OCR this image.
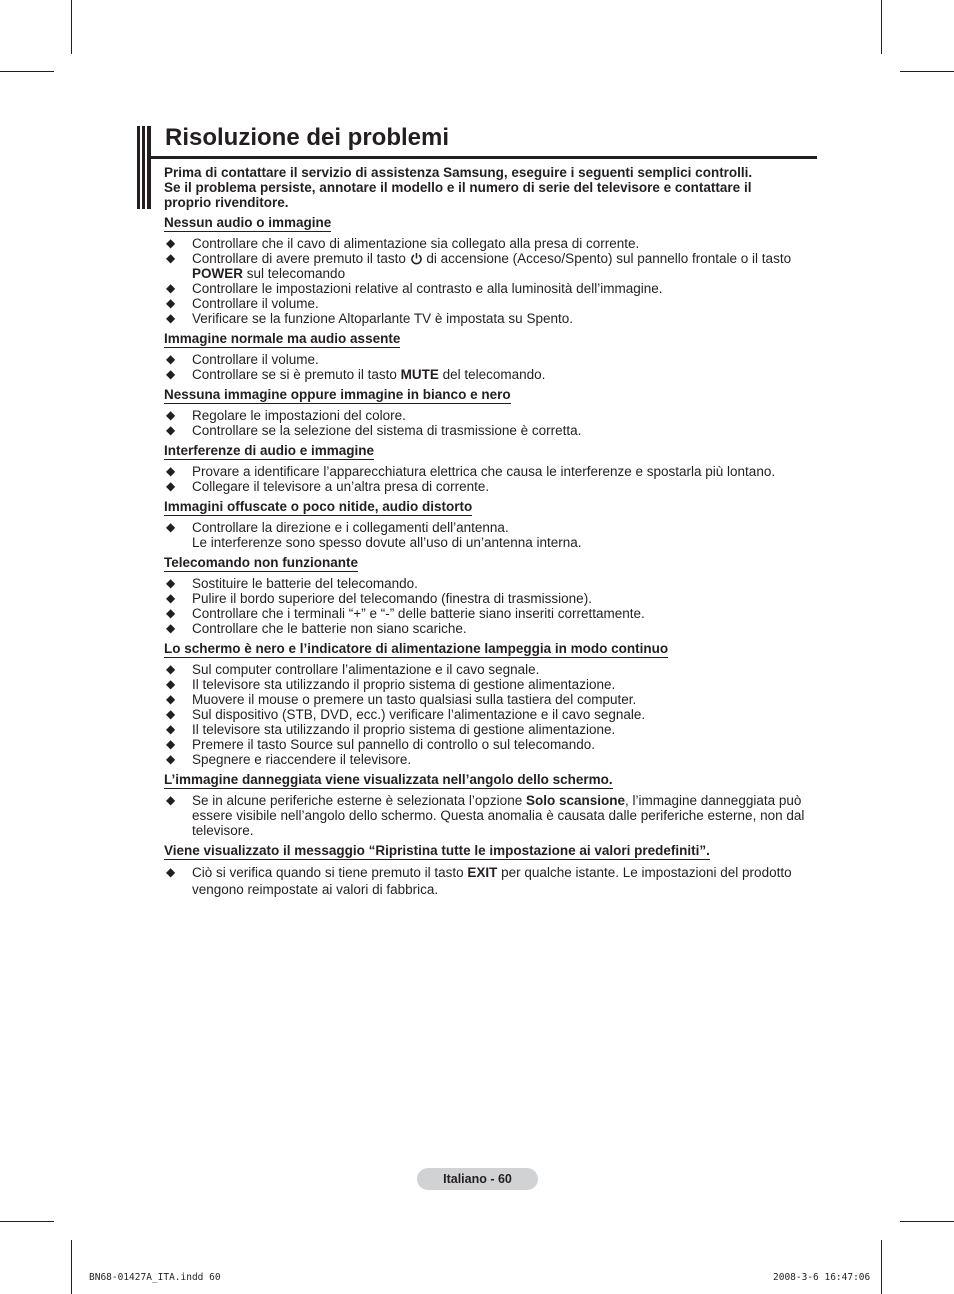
Risoluzione dei problemi
Prima di contattare il servizio di assistenza Samsung, eseguire i seguenti semplici controlli.
Se il problema persiste, annotare il modello e il numero di serie del televisore e contattare il
proprio rivenditore.
Nessun audio o immagine
◆ Controllare che il cavo di alimentazione sia collegato alla presa di corrente.
◆ Controllare di avere premuto il tasto  di accensione (Acceso/Spento) sul pannello frontale o il tasto
POWER sul telecomando
◆ Controllare le impostazioni relative al contrasto e alla luminosità dell’immagine.
◆ Controllare il volume.
◆ Verificare se la funzione Altoparlante TV è impostata su Spento.
Immagine normale ma audio assente
◆ Controllare il volume.
◆ Controllare se si è premuto il tasto MUTE del telecomando.
Nessuna immagine oppure immagine in bianco e nero
◆ Regolare le impostazioni del colore.
◆ Controllare se la selezione del sistema di trasmissione è corretta.
Interferenze di audio e immagine
◆ Provare a identificare l’apparecchiatura elettrica che causa le interferenze e spostarla più lontano.
◆ Collegare il televisore a un’altra presa di corrente.
Immagini offuscate o poco nitide, audio distorto
◆ Controllare la direzione e i collegamenti dell’antenna.
Le interferenze sono spesso dovute all’uso di un’antenna interna.
Telecomando non funzionante
◆ Sostituire le batterie del telecomando.
◆ Pulire il bordo superiore del telecomando (finestra di trasmissione).
◆ Controllare che i terminali “+” e “-” delle batterie siano inseriti correttamente.
◆ Controllare che le batterie non siano scariche.
Lo schermo è nero e l’indicatore di alimentazione lampeggia in modo continuo
◆ Sul computer controllare l’alimentazione e il cavo segnale.
◆ Il televisore sta utilizzando il proprio sistema di gestione alimentazione.
◆ Muovere il mouse o premere un tasto qualsiasi sulla tastiera del computer.
◆ Sul dispositivo (STB, DVD, ecc.) verificare l’alimentazione e il cavo segnale.
◆ Il televisore sta utilizzando il proprio sistema di gestione alimentazione.
◆ Premere il tasto Source sul pannello di controllo o sul telecomando.
◆ Spegnere e riaccendere il televisore.
L’immagine danneggiata viene visualizzata nell’angolo dello schermo.
◆ Se in alcune periferiche esterne è selezionata l’opzione Solo scansione, l’immagine danneggiata può essere visibile nell’angolo dello schermo. Questa anomalia è causata dalle periferiche esterne, non dal televisore.
Viene visualizzato il messaggio “Ripristina tutte le impostazione ai valori predefiniti”.
◆ Ciò si verifica quando si tiene premuto il tasto EXIT per qualche istante. Le impostazioni del prodotto vengono reimpostate ai valori di fabbrica.
Italiano - 60
BN68-01427A_ITA.indd 60	2008-3-6 16:47:06
